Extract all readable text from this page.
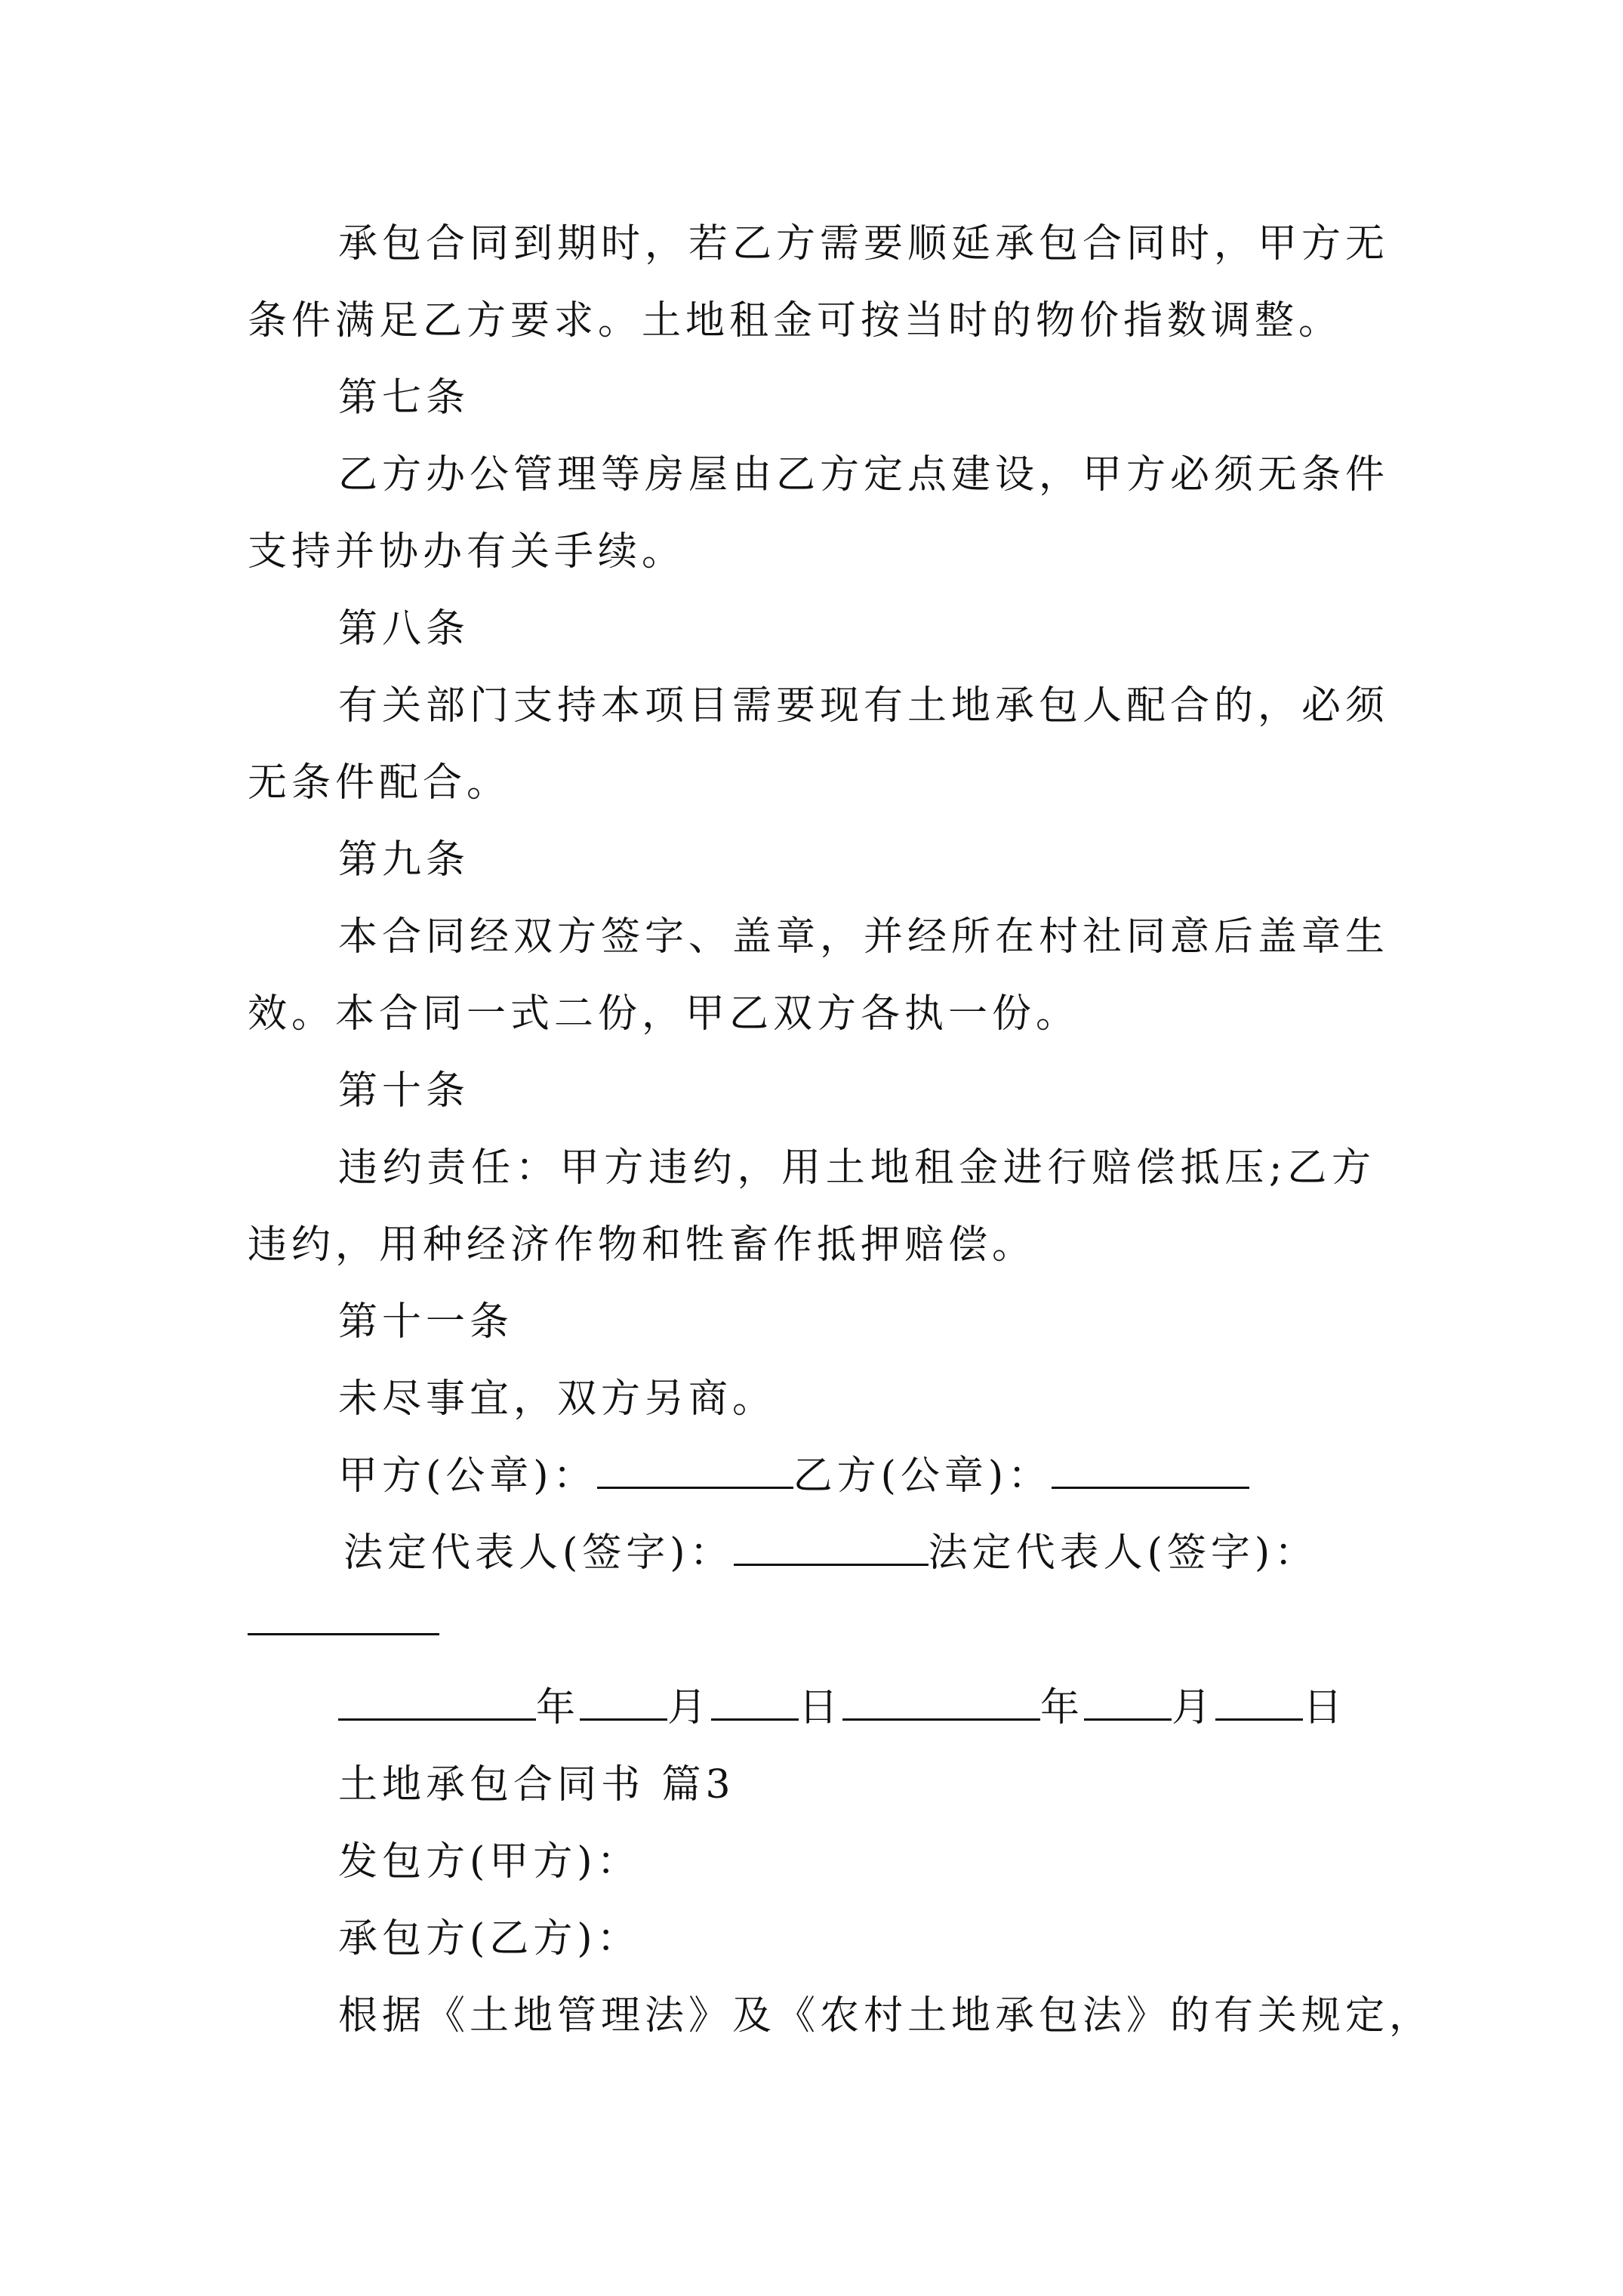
承包合同到期时，若乙方需要顺延承包合同时，甲方无
条件满足乙方要求。土地租金可按当时的物价指数调整。
第七条
乙方办公管理等房屋由乙方定点建设，甲方必须无条件
支持并协办有关手续。
第八条
有关部门支持本项目需要现有土地承包人配合的，必须
无条件配合。
第九条
本合同经双方签字、盖章，并经所在村社同意后盖章生
效。本合同一式二份，甲乙双方各执一份。
第十条
违约责任：甲方违约，用土地租金进行赔偿抵压;乙方
违约，用种经济作物和牲畜作抵押赔偿。
第十一条
未尽事宜，双方另商。
甲方(公章)：	乙方(公章)：
法定代表人(签字)：	法定代表人(签字)：
年 月 日	年 月 日
土地承包合同书 篇3
发包方(甲方)：
承包方(乙方)：
根据《土地管理法》及《农村土地承包法》的有关规定，
